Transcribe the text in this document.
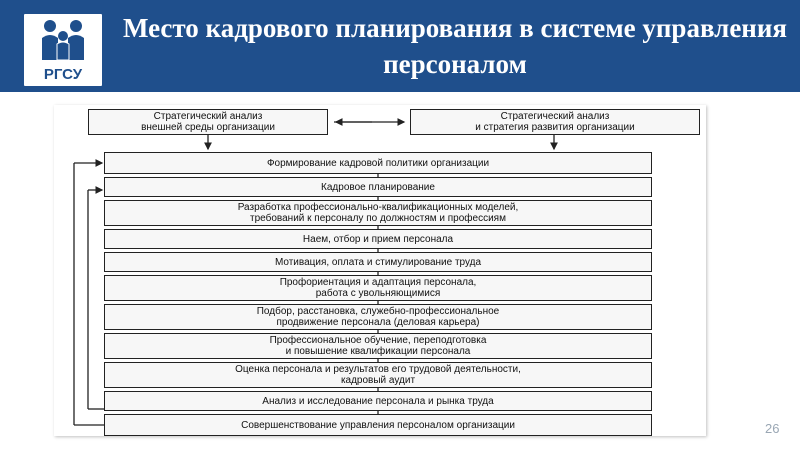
РГСУ
Место кадрового планирования в системе управления персоналом
Стратегический анализ
внешней среды организации
Стратегический анализ
и стратегия развития организации
Формирование кадровой политики организации
Кадровое планирование
Разработка профессионально-квалификационных моделей,
требований к персоналу по должностям и профессиям
Наем, отбор и прием персонала
Мотивация, оплата и стимулирование труда
Профориентация и адаптация персонала,
работа с увольняющимися
Подбор, расстановка, служебно-профессиональное
продвижение персонала (деловая карьера)
Профессиональное обучение, переподготовка
и повышение квалификации персонала
Оценка персонала и результатов его трудовой деятельности,
кадровый аудит
Анализ и исследование персонала и рынка труда
Совершенствование управления персоналом организации	26
